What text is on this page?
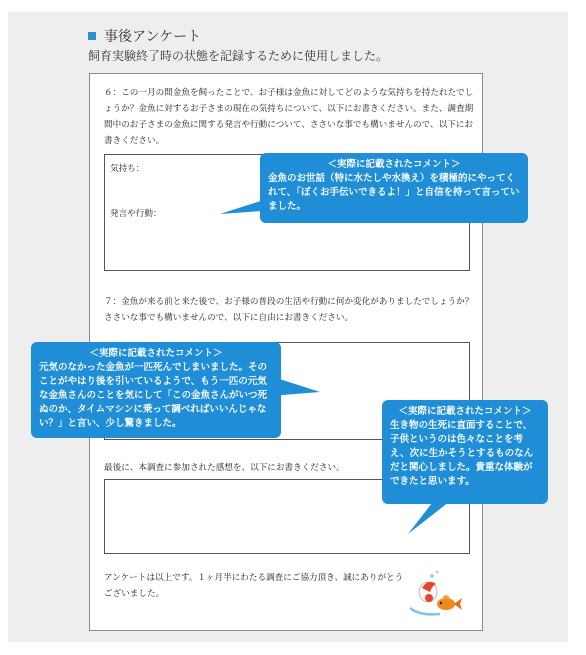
事後アンケート
飼育実験終了時の状態を記録するために使用しました。
６：この一月の間金魚を飼ったことで、お子様は金魚に対してどのような気持ちを持たれたでしょうか？金魚に対するお子さまの現在の気持ちについて、以下にお書きください。また、調査期間中のお子さまの金魚に関する発言や行動について、ささいな事でも構いませんので、以下にお書きください。
気持ち：
発言や行動：
７：金魚が来る前と来た後で、お子様の普段の生活や行動に何か変化がありましたでしょうか？ささいな事でも構いませんので、以下に自由にお書きください。
最後に、本調査に参加された感想を、以下にお書きください。
アンケートは以上です。１ヶ月半にわたる調査にご協力頂き、誠にありがとうございました。
＜実際に記載されたコメント＞
金魚のお世話（特に水たしや水換え）を積極的にやってくれて、「ぼくお手伝いできるよ！」と自信を持って言っていました。
＜実際に記載されたコメント＞
元気のなかった金魚が一匹死んでしまいました。そのことがやはり後を引いているようで、もう一匹の元気な金魚さんのことを気にして「この金魚さんがいつ死ぬのか、タイムマシンに乗って調べればいいんじゃない？」と言い、少し驚きました。
＜実際に記載されたコメント＞
生き物の生死に直面することで、子供というのは色々なことを考え、次に生かそうとするものなんだと関心しました。貴重な体験ができたと思います。
